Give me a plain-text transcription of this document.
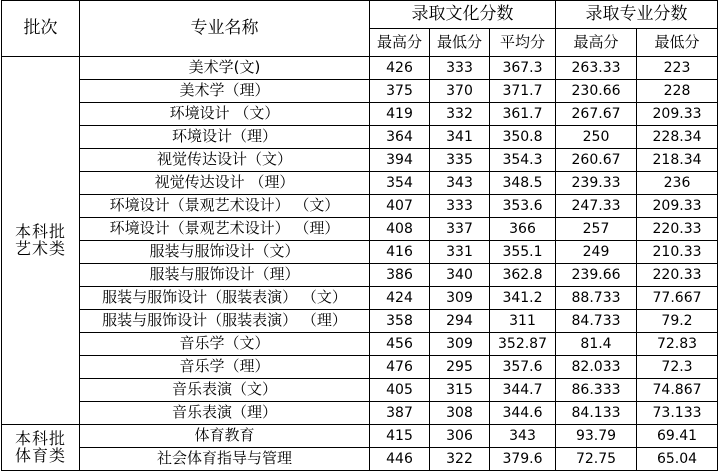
批次	专业名称	录取文化分数			录取专业分数	
		最高分	最低分	平均分	最高分	最低分

本科批
艺术类	美术学(文)	426	333	367.3	263.33	223
	美术学（理）	375	370	371.7	230.66	228
	环境设计 （文）	419	332	361.7	267.67	209.33
	环境设计（理）	364	341	350.8	250	228.34
	视觉传达设计（文）	394	335	354.3	260.67	218.34
	视觉传达设计 （理）	354	343	348.5	239.33	236
	环境设计（景观艺术设计） （文）	407	333	353.6	247.33	209.33
	环境设计（景观艺术设计） （理）	408	337	366	257	220.33
	服装与服饰设计（文）	416	331	355.1	249	210.33
	服装与服饰设计（理）	386	340	362.8	239.66	220.33
	服装与服饰设计（服装表演） （文）	424	309	341.2	88.733	77.667
	服装与服饰设计（服装表演） （理）	358	294	311	84.733	79.2
	音乐学（文）	456	309	352.87	81.4	72.83
	音乐学（理）	476	295	357.6	82.033	72.3
	音乐表演（文）	405	315	344.7	86.333	74.867
	音乐表演（理）	387	308	344.6	84.133	73.133

本科批
体育类	体育教育	415	306	343	93.79	69.41
	社会体育指导与管理	446	322	379.6	72.75	65.04
